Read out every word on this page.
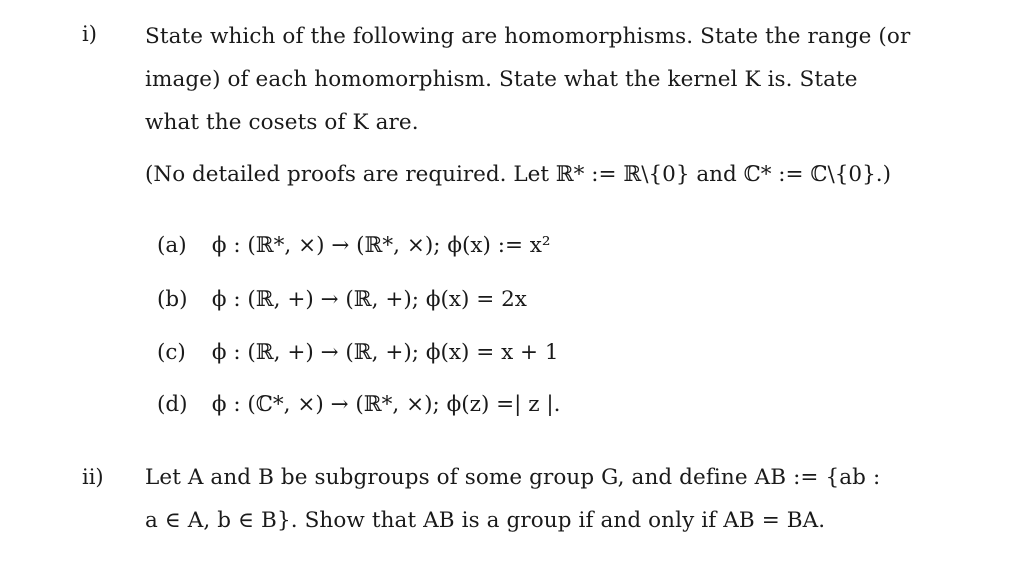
i) State which of the following are homomorphisms. State the range (or
image) of each homomorphism. State what the kernel K is. State
what the cosets of K are.
(No detailed proofs are required. Let ℝ* := ℝ\{0} and ℂ* := ℂ\{0}.)
(a) ϕ : (ℝ*, ×) → (ℝ*, ×); ϕ(x) := x²
(b) ϕ : (ℝ, +) → (ℝ, +); ϕ(x) = 2x
(c) ϕ : (ℝ, +) → (ℝ, +); ϕ(x) = x + 1
(d) ϕ : (ℂ*, ×) → (ℝ*, ×); ϕ(z) =| z |.
ii) Let A and B be subgroups of some group G, and define AB := {ab :
a ∈ A, b ∈ B}. Show that AB is a group if and only if AB = BA.
